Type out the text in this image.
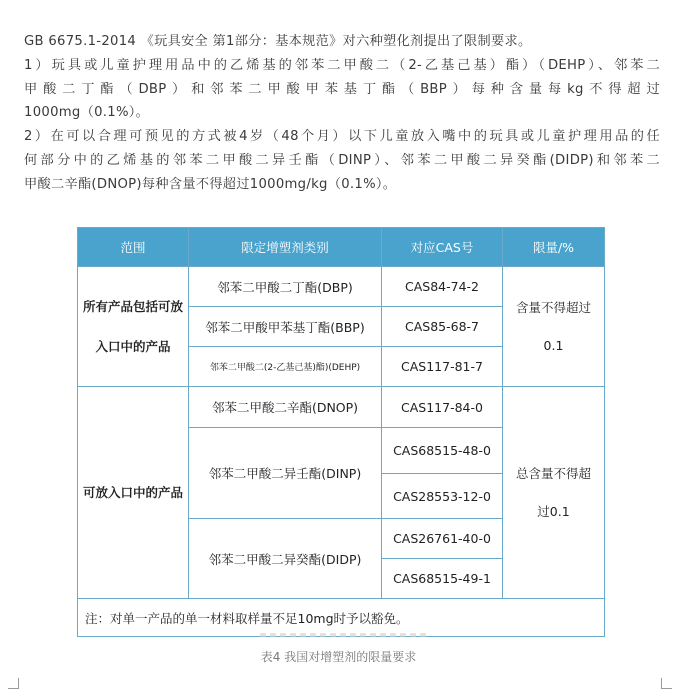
GB 6675.1-2014 《玩具安全 第1部分：基本规范》对六种塑化剂提出了限制要求。

1）玩具或儿童护理用品中的乙烯基的邻苯二甲酸二（2-乙基己基）酯）（DEHP）、邻苯二

甲酸二丁酯（DBP）和邻苯二甲酸甲苯基丁酯（BBP）每种含量每kg不得超过

1000mg（0.1%）。

2）在可以合理可预见的方式被4岁（48个月）以下儿童放入嘴中的玩具或儿童护理用品的任

何部分中的乙烯基的邻苯二甲酸二异壬酯（DINP）、邻苯二甲酸二异癸酯(DIDP)和邻苯二

甲酸二辛酯(DNOP)每种含量不得超过1000mg/kg（0.1%）。

范围	限定增塑剂类别	对应CAS号	限量/%
所有产品包括可放入口中的产品	邻苯二甲酸二丁酯(DBP)	CAS84-74-2	含量不得超过0.1
	邻苯二甲酸甲苯基丁酯(BBP)	CAS85-68-7	
	邻苯二甲酸二(2-乙基己基)酯)(DEHP)	CAS117-81-7	
可放入口中的产品	邻苯二甲酸二辛酯(DNOP)	CAS117-84-0	总含量不得超过0.1
	邻苯二甲酸二异壬酯(DINP)	CAS68515-48-0	
		CAS28553-12-0	
	邻苯二甲酸二异癸酯(DIDP)	CAS26761-40-0	
		CAS68515-49-1	
注：对单一产品的单一材料取样量不足10mg时予以豁免。			
表4 我国对增塑剂的限量要求
